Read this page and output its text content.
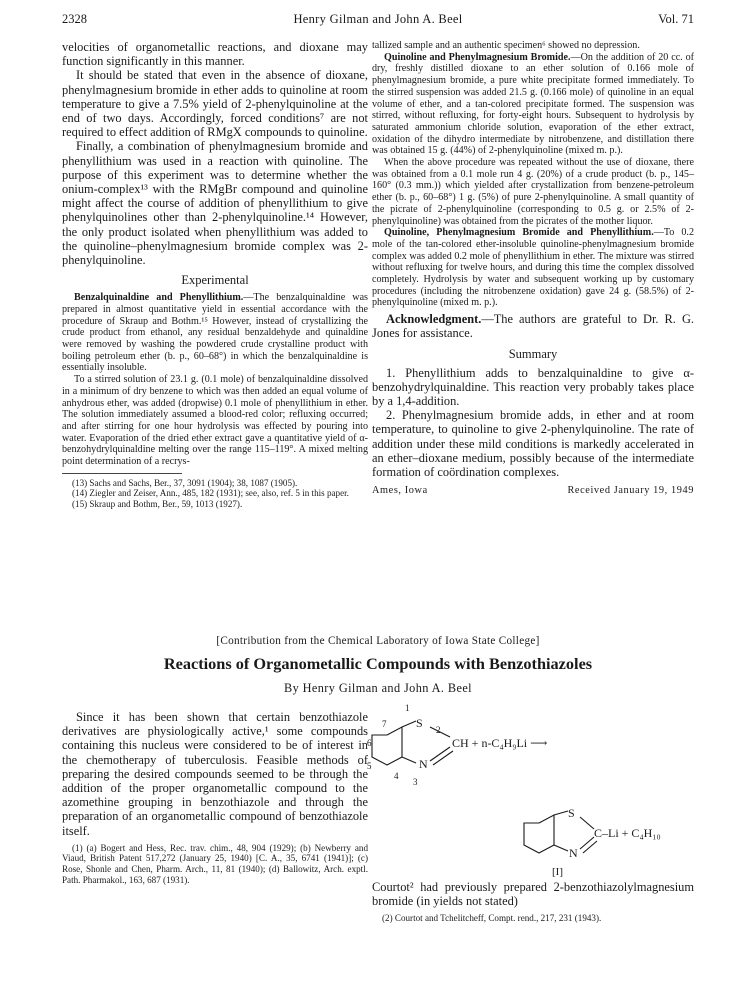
2328	Henry Gilman and John A. Beel	Vol. 71

velocities of organometallic reactions, and dioxane may function significantly in this manner.

It should be stated that even in the absence of dioxane, phenylmagnesium bromide in ether adds to quinoline at room temperature to give a 7.5% yield of 2-phenylquinoline at the end of two days. Accordingly, forced conditions⁷ are not required to effect addition of RMgX compounds to quinoline.

Finally, a combination of phenylmagnesium bromide and phenyllithium was used in a reaction with quinoline. The purpose of this experiment was to determine whether the onium-complex¹³ with the RMgBr compound and quinoline might affect the course of addition of phenyllithium to give phenylquinolines other than 2-phenylquinoline.¹⁴ However, the only product isolated when phenyllithium was added to the quinoline–phenylmagnesium bromide complex was 2-phenylquinoline.

Experimental

Benzalquinaldine and Phenyllithium.—The benzalquinaldine was prepared in almost quantitative yield in essential accordance with the procedure of Skraup and Bothm.¹⁵ However, instead of crystallizing the crude product from ethanol, any residual benzaldehyde and quinaldine were removed by washing the powdered crude crystalline product with boiling petroleum ether (b. p., 60–68°) in which the benzalquinaldine is essentially insoluble.

To a stirred solution of 23.1 g. (0.1 mole) of benzalquinaldine dissolved in a minimum of dry benzene to which was then added an equal volume of anhydrous ether, was added (dropwise) 0.1 mole of phenyllithium in ether. The solution immediately assumed a blood-red color; refluxing occurred; and after stirring for one hour hydrolysis was effected by pouring into water. Evaporation of the dried ether extract gave a quantitative yield of α-benzohydrylquinaldine melting over the range 115–119°. A mixed melting point determination of a recrys-

(13) Sachs and Sachs, Ber., 37, 3091 (1904); 38, 1087 (1905).

(14) Ziegler and Zeiser, Ann., 485, 182 (1931); see, also, ref. 5 in this paper.

(15) Skraup and Bothm, Ber., 59, 1013 (1927).

tallized sample and an authentic specimen⁶ showed no depression.

Quinoline and Phenylmagnesium Bromide.—On the addition of 20 cc. of dry, freshly distilled dioxane to an ether solution of 0.166 mole of phenylmagnesium bromide, a pure white precipitate formed immediately. To the stirred suspension was added 21.5 g. (0.166 mole) of quinoline in an equal volume of ether, and a tan-colored precipitate formed. The suspension was stirred, without refluxing, for forty-eight hours. Subsequent to hydrolysis by saturated ammonium chloride solution, evaporation of the ether extract, oxidation of the dihydro intermediate by nitrobenzene, and distillation there was obtained 15 g. (44%) of 2-phenylquinoline (mixed m. p.).

When the above procedure was repeated without the use of dioxane, there was obtained from a 0.1 mole run 4 g. (20%) of a crude product (b. p., 145–160° (0.3 mm.)) which yielded after crystallization from benzene-petroleum ether (b. p., 60–68°) 1 g. (5%) of pure 2-phenylquinoline. A small quantity of the picrate of 2-phenylquinoline (corresponding to 0.5 g. or 2.5% of 2-phenylquinoline) was obtained from the picrates of the mother liquor.

Quinoline, Phenylmagnesium Bromide and Phenyllithium.—To 0.2 mole of the tan-colored ether-insoluble quinoline-phenylmagnesium bromide complex was added 0.2 mole of phenyllithium in ether. The mixture was stirred without refluxing for twelve hours, and during this time the complex dissolved completely. Hydrolysis by water and subsequent working up by customary procedures (including the nitrobenzene oxidation) gave 24 g. (58.5%) of 2-phenylquinoline (mixed m. p.).

Acknowledgment.—The authors are grateful to Dr. R. G. Jones for assistance.

Summary

1. Phenyllithium adds to benzalquinaldine to give α-benzohydrylquinaldine. This reaction very probably takes place by a 1,4-addition.

2. Phenylmagnesium bromide adds, in ether and at room temperature, to quinoline to give 2-phenylquinoline. The rate of addition under these mild conditions is markedly accelerated in an ether–dioxane medium, possibly because of the intermediate formation of coördination complexes.

Ames, Iowa	Received January 19, 1949
[Contribution from the Chemical Laboratory of Iowa State College]
Reactions of Organometallic Compounds with Benzothiazoles
By Henry Gilman and John A. Beel

Since it has been shown that certain benzothiazole derivatives are physiologically active,¹ some compounds containing this nucleus were considered to be of interest in the chemotherapy of tuberculosis. Feasible methods of preparing the desired compounds seemed to be through the addition of the proper organometallic compound to the azomethine grouping in benzothiazole and through the preparation of an organometallic compound of benzothiazole itself.

(1) (a) Bogert and Hess, Rec. trav. chim., 48, 904 (1929); (b) Newberry and Viaud, British Patent 517,272 (January 25, 1940) [C. A., 35, 6741 (1941)]; (c) Rose, Shonle and Chen, Pharm. Arch., 11, 81 (1940); (d) Ballowitz, Arch. exptl. Path. Pharmakol., 163, 687 (1931).

1
7
6
5
4
2
3
S
N
CH + n-C₄H₉Li ⟶
S
N
C–Li + C₄H₁₀
[I]

Courtot² had previously prepared 2-benzothiazolylmagnesium bromide (in yields not stated)

(2) Courtot and Tchelitcheff, Compt. rend., 217, 231 (1943).
